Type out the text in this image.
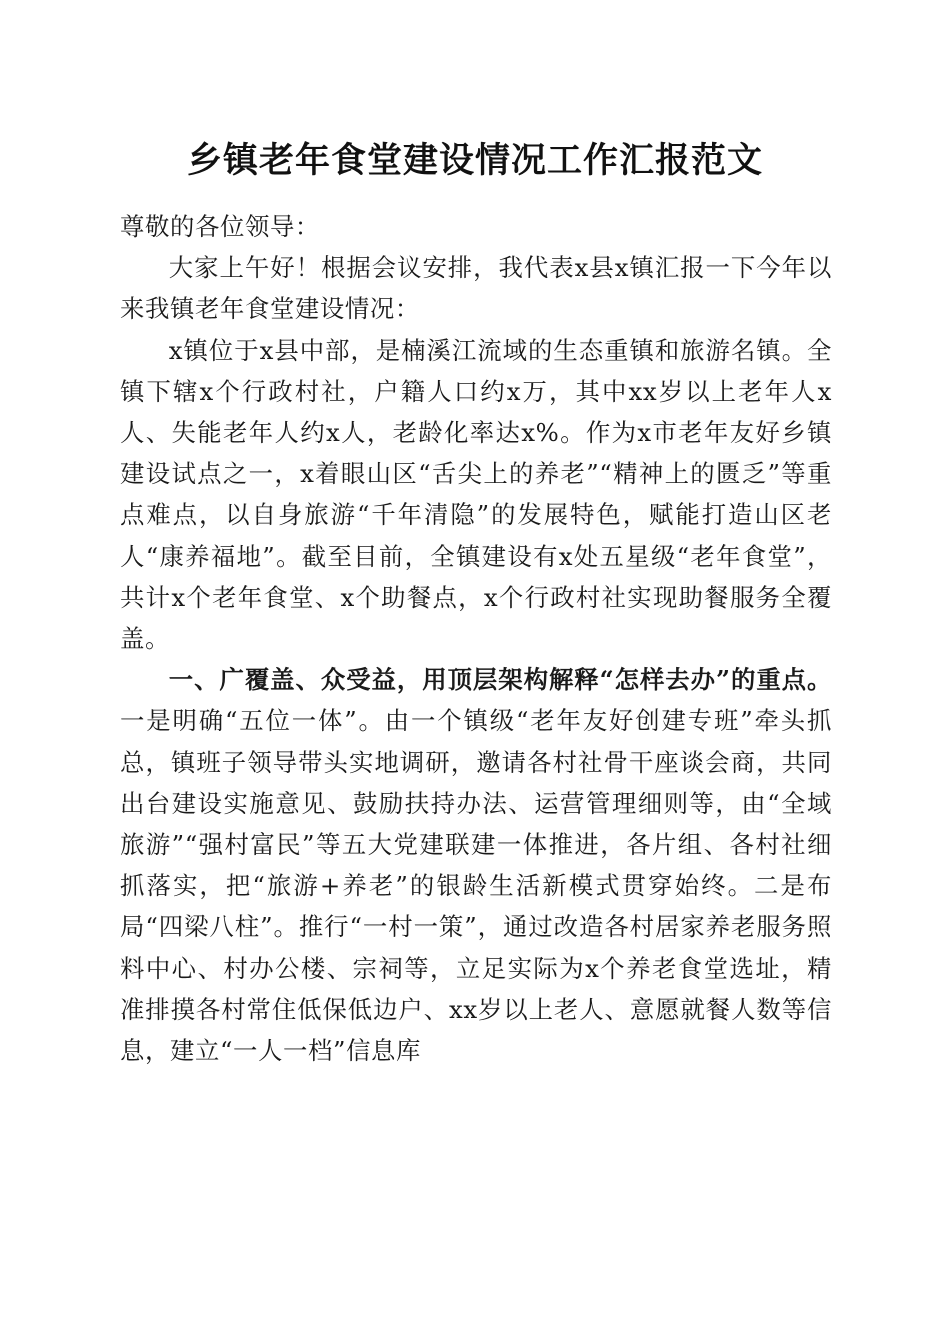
乡镇老年食堂建设情况工作汇报范文

尊敬的各位领导：

大家上午好！根据会议安排，我代表x县x镇汇报一下今年以来我镇老年食堂建设情况：

x镇位于x县中部，是楠溪江流域的生态重镇和旅游名镇。全镇下辖x个行政村社，户籍人口约x万，其中xx岁以上老年人x人、失能老年人约x人，老龄化率达x%。作为x市老年友好乡镇建设试点之一，x着眼山区“舌尖上的养老”“精神上的匮乏”等重点难点，以自身旅游“千年清隐”的发展特色，赋能打造山区老人“康养福地”。截至目前，全镇建设有x处五星级“老年食堂”，共计x个老年食堂、x个助餐点，x个行政村社实现助餐服务全覆盖。

一、广覆盖、众受益，用顶层架构解释“怎样去办”的重点。一是明确“五位一体”。由一个镇级“老年友好创建专班”牵头抓总，镇班子领导带头实地调研，邀请各村社骨干座谈会商，共同出台建设实施意见、鼓励扶持办法、运营管理细则等，由“全域旅游”“强村富民”等五大党建联建一体推进，各片组、各村社细抓落实，把“旅游+养老”的银龄生活新模式贯穿始终。二是布局“四梁八柱”。推行“一村一策”，通过改造各村居家养老服务照料中心、村办公楼、宗祠等，立足实际为x个养老食堂选址，精准排摸各村常住低保低边户、xx岁以上老人、意愿就餐人数等信息，建立“一人一档”信息库
